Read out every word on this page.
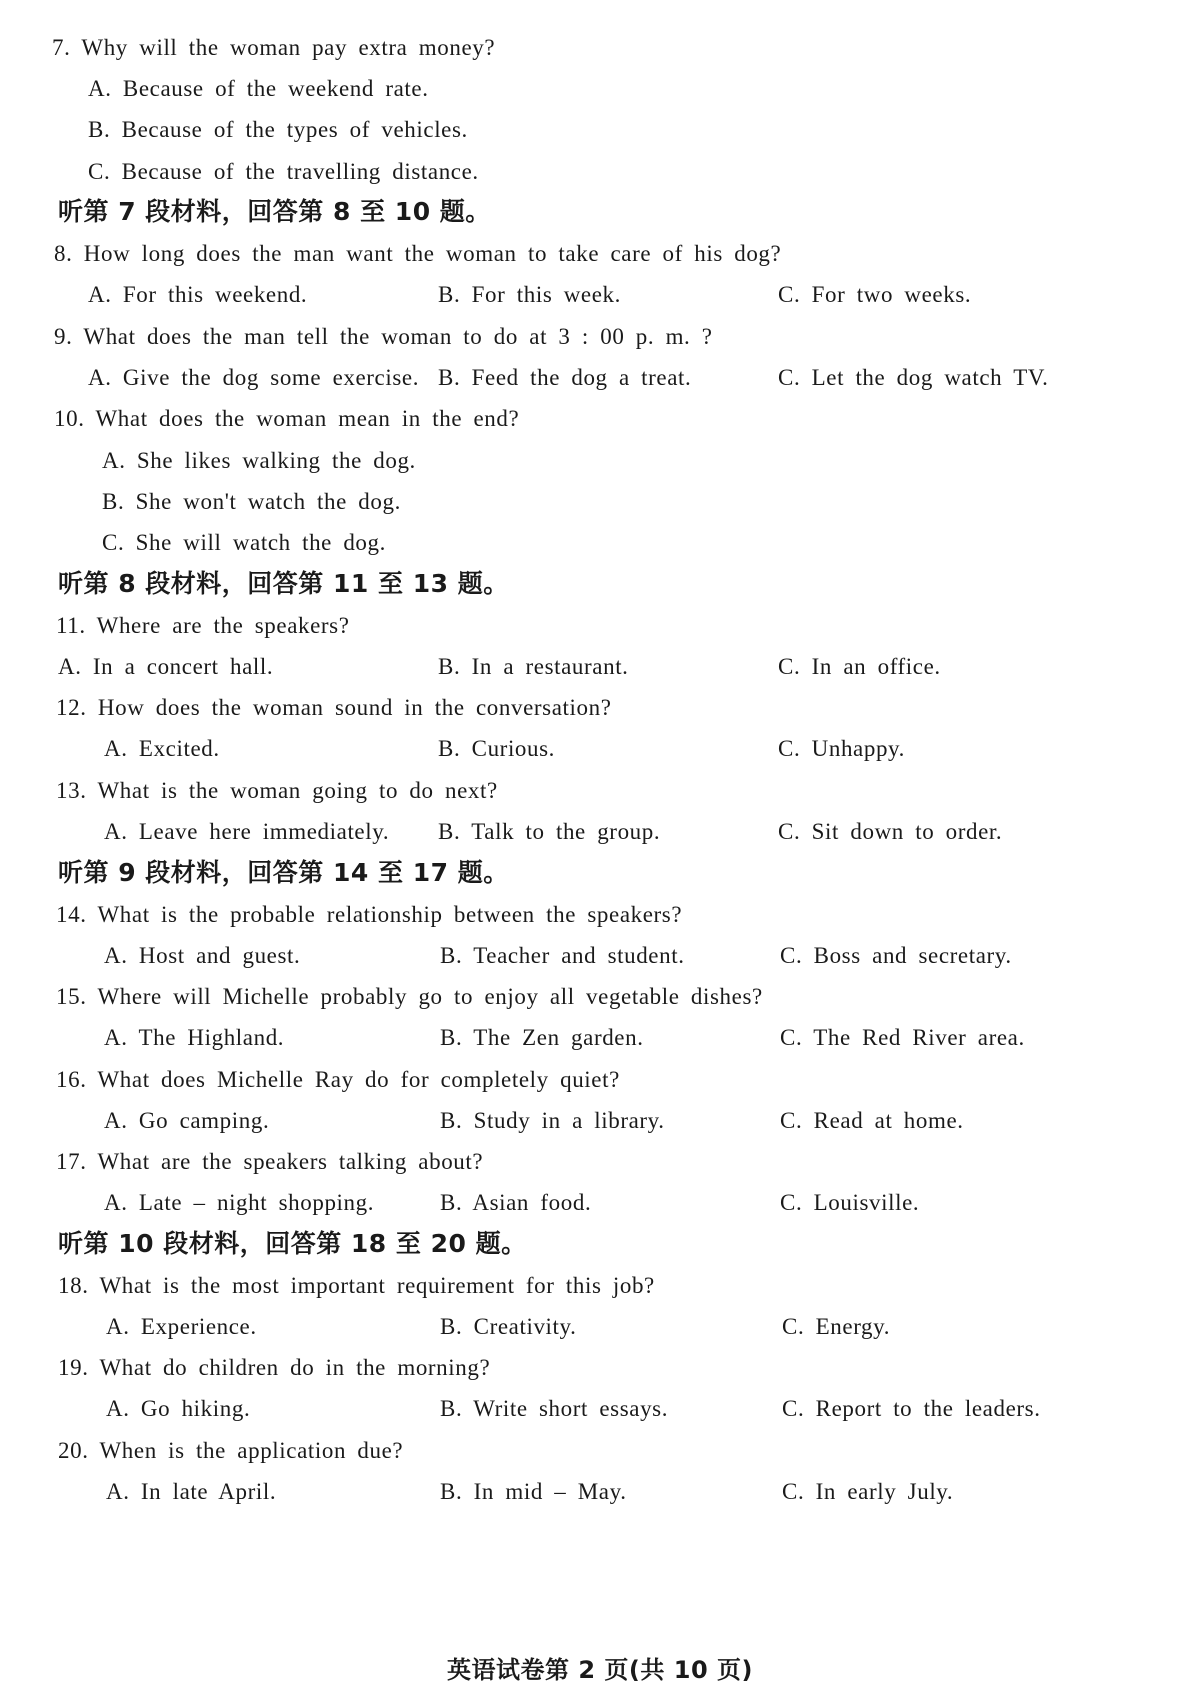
7. Why will the woman pay extra money?
A. Because of the weekend rate.
B. Because of the types of vehicles.
C. Because of the travelling distance.
听第 7 段材料，回答第 8 至 10 题。
8. How long does the man want the woman to take care of his dog?
A. For this weekend.	B. For this week.	C. For two weeks.
9. What does the man tell the woman to do at 3 : 00 p. m. ?
A. Give the dog some exercise. B. Feed the dog a treat.	C. Let the dog watch TV.
10. What does the woman mean in the end?
A. She likes walking the dog.
B. She won't watch the dog.
C. She will watch the dog.
听第 8 段材料，回答第 11 至 13 题。
11. Where are the speakers?
A. In a concert hall.	B. In a restaurant.	C. In an office.
12. How does the woman sound in the conversation?
A. Excited.	B. Curious.	C. Unhappy.
13. What is the woman going to do next?
A. Leave here immediately. B. Talk to the group.	C. Sit down to order.
听第 9 段材料，回答第 14 至 17 题。
14. What is the probable relationship between the speakers?
A. Host and guest.	B. Teacher and student.	C. Boss and secretary.
15. Where will Michelle probably go to enjoy all vegetable dishes?
A. The Highland.	B. The Zen garden.	C. The Red River area.
16. What does Michelle Ray do for completely quiet?
A. Go camping.	B. Study in a library.	C. Read at home.
17. What are the speakers talking about?
A. Late – night shopping.	B. Asian food.	C. Louisville.
听第 10 段材料，回答第 18 至 20 题。
18. What is the most important requirement for this job?
A. Experience.	B. Creativity.	C. Energy.
19. What do children do in the morning?
A. Go hiking.	B. Write short essays.	C. Report to the leaders.
20. When is the application due?
A. In late April.	B. In mid – May.	C. In early July.
英语试卷第 2 页(共 10 页)
